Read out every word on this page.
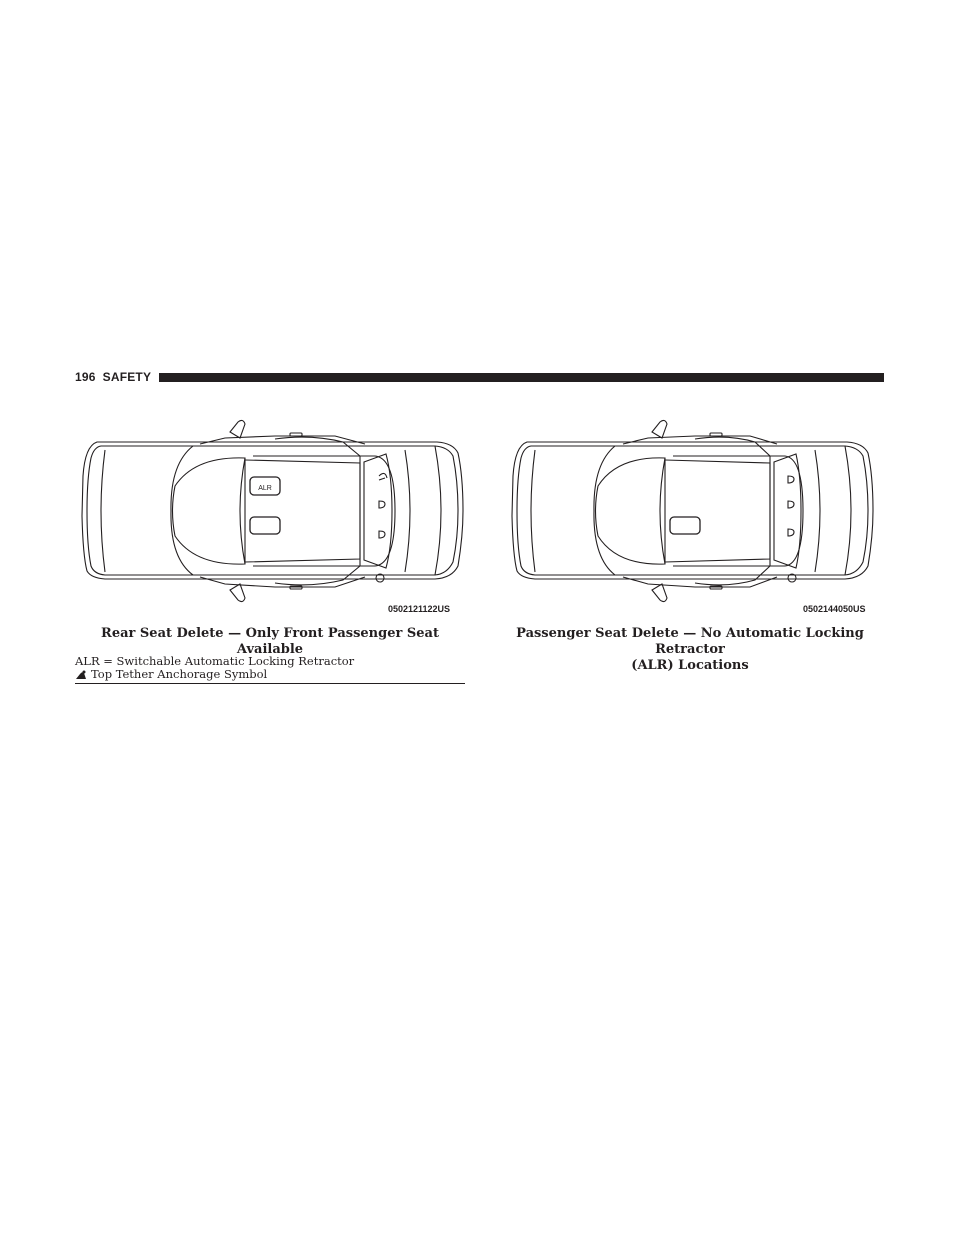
196 SAFETY
ALR
0502121122US	0502144050US
Rear Seat Delete — Only Front Passenger Seat Available
Passenger Seat Delete — No Automatic Locking Retractor
(ALR) Locations
ALR = Switchable Automatic Locking Retractor
Top Tether Anchorage Symbol
